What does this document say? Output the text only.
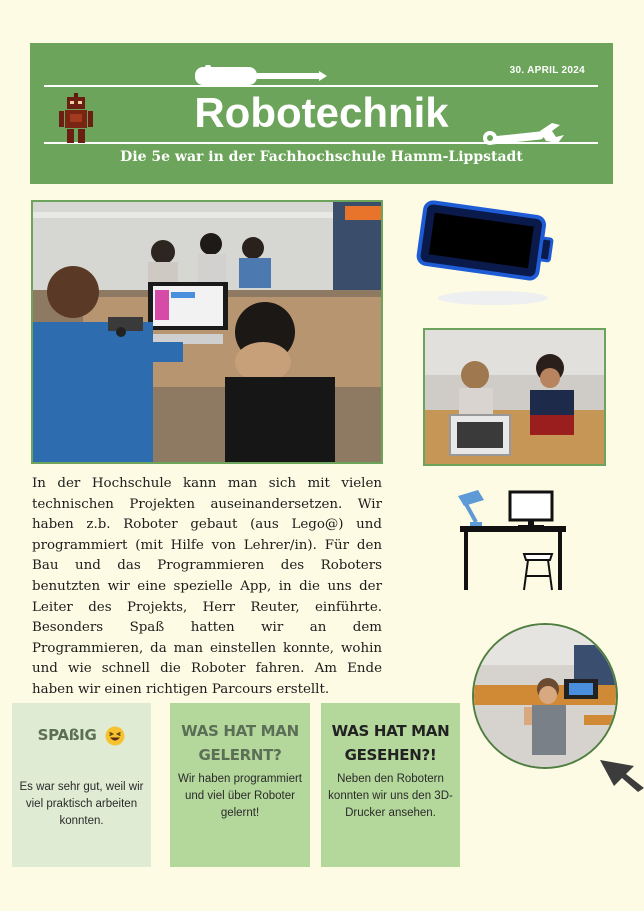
30. APRIL 2024
Robotechnik
Die 5e war in der Fachhochschule Hamm-Lippstadt

In der Hochschule kann man sich mit vielen technischen Projekten auseinandersetzen. Wir haben z.b. Roboter gebaut (aus Lego@) und programmiert (mit Hilfe von Lehrer/in). Für den Bau und das Programmieren des Roboters benutzten wir eine spezielle App, in die uns der Leiter des Projekts, Herr Reuter, einführte. Besonders Spaß hatten wir an dem Programmieren, da man einstellen konnte, wohin und wie schnell die Roboter fahren. Am Ende haben wir einen richtigen Parcours erstellt.

SPAßIG
Es war sehr gut, weil wir viel praktisch arbeiten konnten.
WAS HAT MAN GELERNT?
Wir haben programmiert und viel über Roboter gelernt!
WAS HAT MAN GESEHEN?!
Neben den Robotern konnten wir uns den 3D-Drucker ansehen.
